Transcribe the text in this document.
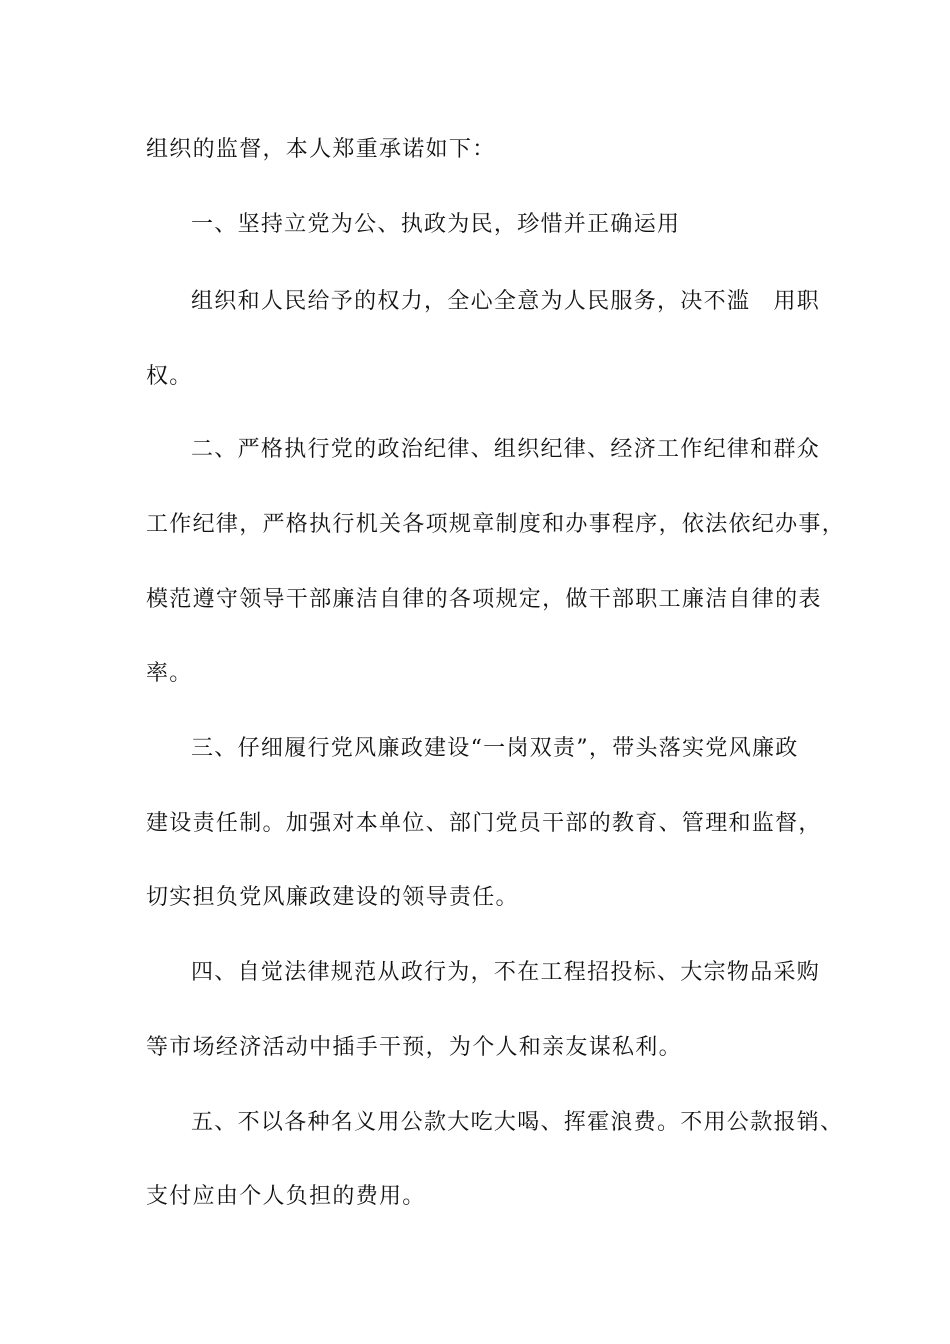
组织的监督，本人郑重承诺如下：
一、坚持立党为公、执政为民，珍惜并正确运用
组织和人民给予的权力，全心全意为人民服务，决不滥　用职
权。
二、严格执行党的政治纪律、组织纪律、经济工作纪律和群众
工作纪律，严格执行机关各项规章制度和办事程序，依法依纪办事，
模范遵守领导干部廉洁自律的各项规定，做干部职工廉洁自律的表
率。
三、仔细履行党风廉政建设“一岗双责”，带头落实党风廉政
建设责任制。加强对本单位、部门党员干部的教育、管理和监督，
切实担负党风廉政建设的领导责任。
四、自觉法律规范从政行为，不在工程招投标、大宗物品采购
等市场经济活动中插手干预，为个人和亲友谋私利。
五、不以各种名义用公款大吃大喝、挥霍浪费。不用公款报销、
支付应由个人负担的费用。
